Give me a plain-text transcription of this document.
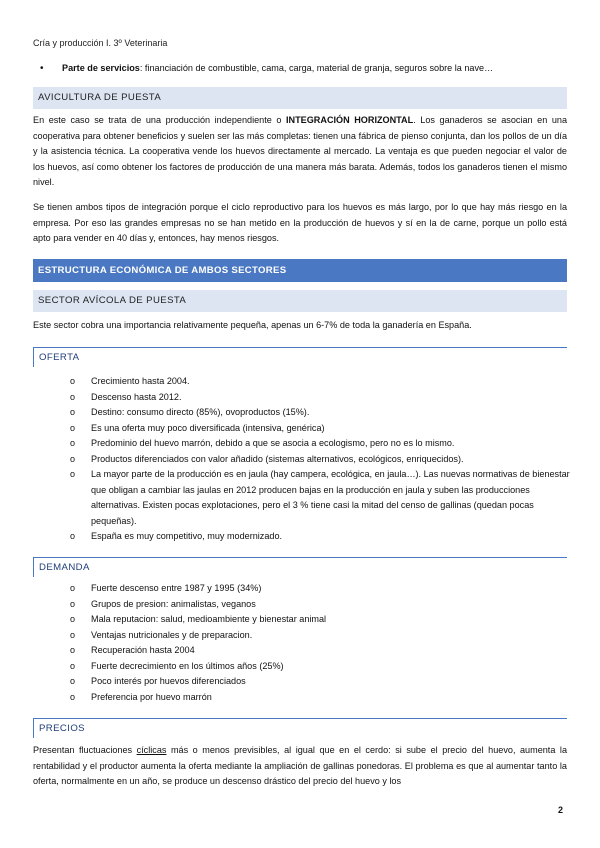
Cría y producción I. 3º Veterinaria
• Parte de servicios: financiación de combustible, cama, carga, material de granja, seguros sobre la nave…
AVICULTURA DE PUESTA
En este caso se trata de una producción independiente o INTEGRACIÓN HORIZONTAL. Los ganaderos se asocian en una cooperativa para obtener beneficios y suelen ser las más completas: tienen una fábrica de pienso conjunta, dan los pollos de un día y la asistencia técnica. La cooperativa vende los huevos directamente al mercado. La ventaja es que pueden negociar el valor de los huevos, así como obtener los factores de producción de una manera más barata. Además, todos los ganaderos tienen el mismo nivel.
Se tienen ambos tipos de integración porque el ciclo reproductivo para los huevos es más largo, por lo que hay más riesgo en la empresa. Por eso las grandes empresas no se han metido en la producción de huevos y sí en la de carne, porque un pollo está apto para vender en 40 días y, entonces, hay menos riesgos.
ESTRUCTURA ECONÓMICA DE AMBOS SECTORES
SECTOR AVÍCOLA DE PUESTA
Este sector cobra una importancia relativamente pequeña, apenas un 6-7% de toda la ganadería en España.
OFERTA
o Crecimiento hasta 2004.
o Descenso hasta 2012.
o Destino: consumo directo (85%), ovoproductos (15%).
o Es una oferta muy poco diversificada (intensiva, genérica)
o Predominio del huevo marrón, debido a que se asocia a ecologismo, pero no es lo mismo.
o Productos diferenciados con valor añadido (sistemas alternativos, ecológicos, enriquecidos).
o La mayor parte de la producción es en jaula (hay campera, ecológica, en jaula…). Las nuevas normativas de bienestar que obligan a cambiar las jaulas en 2012 producen bajas en la producción en jaula y suben las producciones alternativas. Existen pocas explotaciones, pero el 3 % tiene casi la mitad del censo de gallinas (quedan pocas pequeñas).
o España es muy competitivo, muy modernizado.
DEMANDA
o Fuerte descenso entre 1987 y 1995 (34%)
o Grupos de presion: animalistas, veganos
o Mala reputacion: salud, medioambiente y bienestar animal
o Ventajas nutricionales y de preparacion.
o Recuperación hasta 2004
o Fuerte decrecimiento en los últimos años (25%)
o Poco interés por huevos diferenciados
o Preferencia por huevo marrón
PRECIOS
Presentan fluctuaciones cíclicas más o menos previsibles, al igual que en el cerdo: si sube el precio del huevo, aumenta la rentabilidad y el productor aumenta la oferta mediante la ampliación de gallinas ponedoras. El problema es que al aumentar tanto la oferta, normalmente en un año, se produce un descenso drástico del precio del huevo y los
2
